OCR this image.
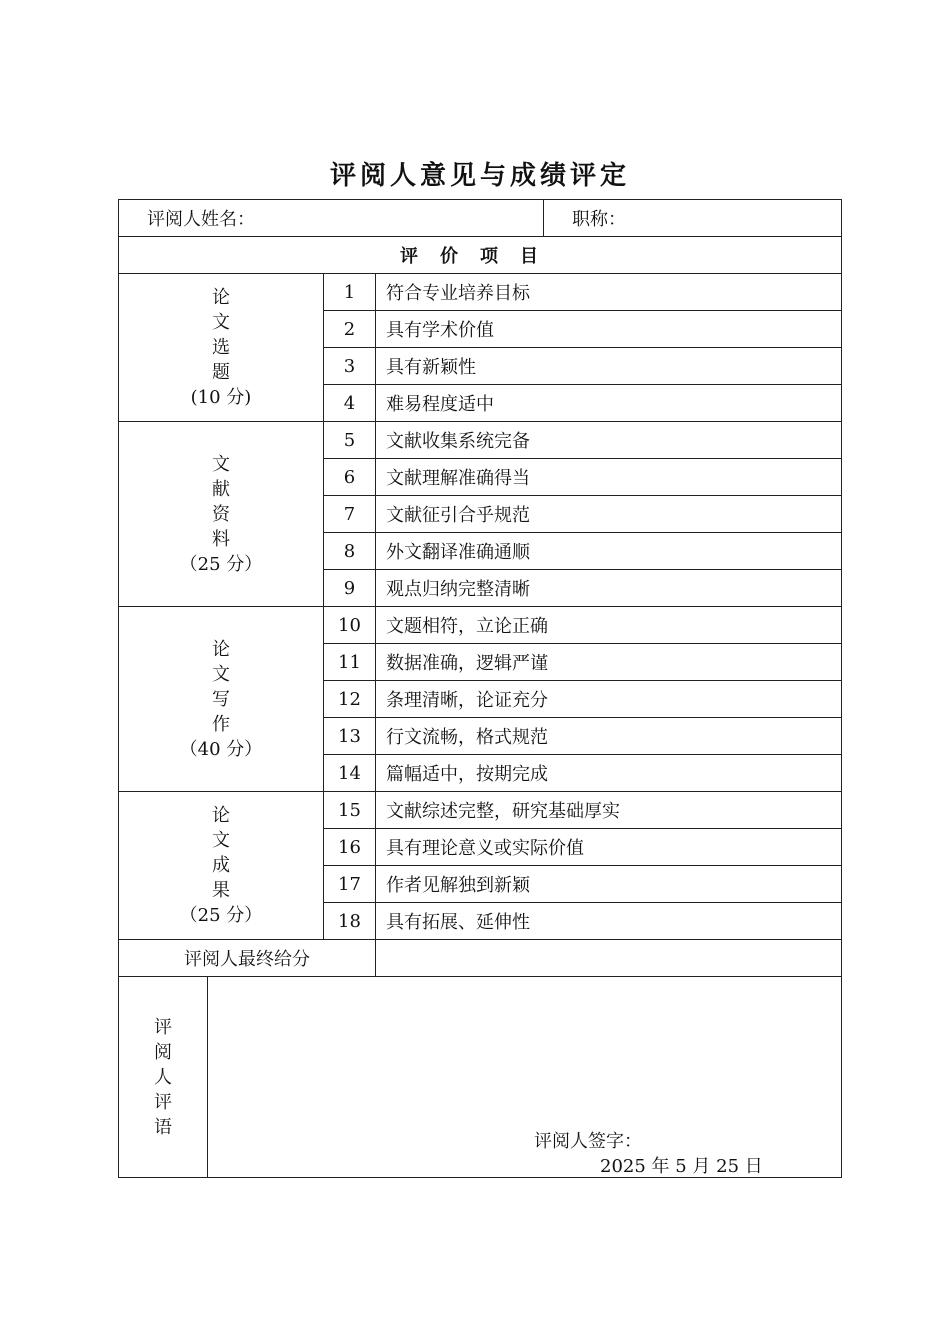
评阅人意见与成绩评定
评阅人姓名：				职称：
评价项目				

论
文
选
题
(10 分)		1	符合专业培养目标	
		2	具有学术价值	
		3	具有新颖性	
		4	难易程度适中	

文
献
资
料
（25 分）		5	文献收集系统完备	
		6	文献理解准确得当	
		7	文献征引合乎规范	
		8	外文翻译准确通顺	
		9	观点归纳完整清晰	

论
文
写
作
（40 分）		10	文题相符，立论正确	
		11	数据准确，逻辑严谨	
		12	条理清晰，论证充分	
		13	行文流畅，格式规范	
		14	篇幅适中，按期完成	

论
文
成
果
（25 分）		15	文献综述完整，研究基础厚实	
		16	具有理论意义或实际价值	
		17	作者见解独到新颖	
		18	具有拓展、延伸性	
评阅人最终给分				

评
阅
人
评
语	评阅人签字：
2025 年 5 月 25 日			
